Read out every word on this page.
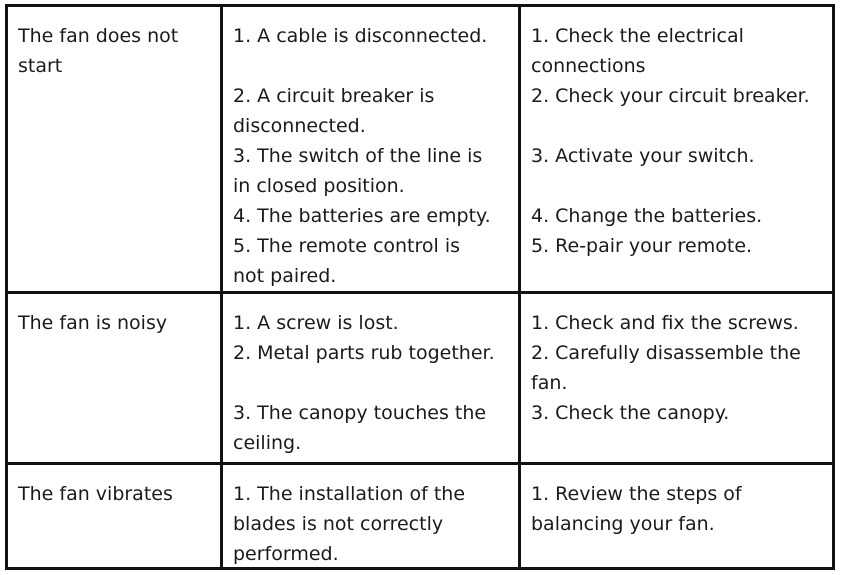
The fan does not
start
1. A cable is disconnected.
2. A circuit breaker is
disconnected.
3. The switch of the line is
in closed position.
4. The batteries are empty.
5. The remote control is
not paired.
1. Check the electrical
connections
2. Check your circuit breaker.
3. Activate your switch.
4. Change the batteries.
5. Re-pair your remote.
The fan is noisy	1. A screw is lost.
2. Metal parts rub together.
3. The canopy touches the
ceiling.
1. Check and fix the screws.
2. Carefully disassemble the
fan.
3. Check the canopy.
The fan vibrates	1. The installation of the
blades is not correctly
performed.
1. Review the steps of
balancing your fan.
